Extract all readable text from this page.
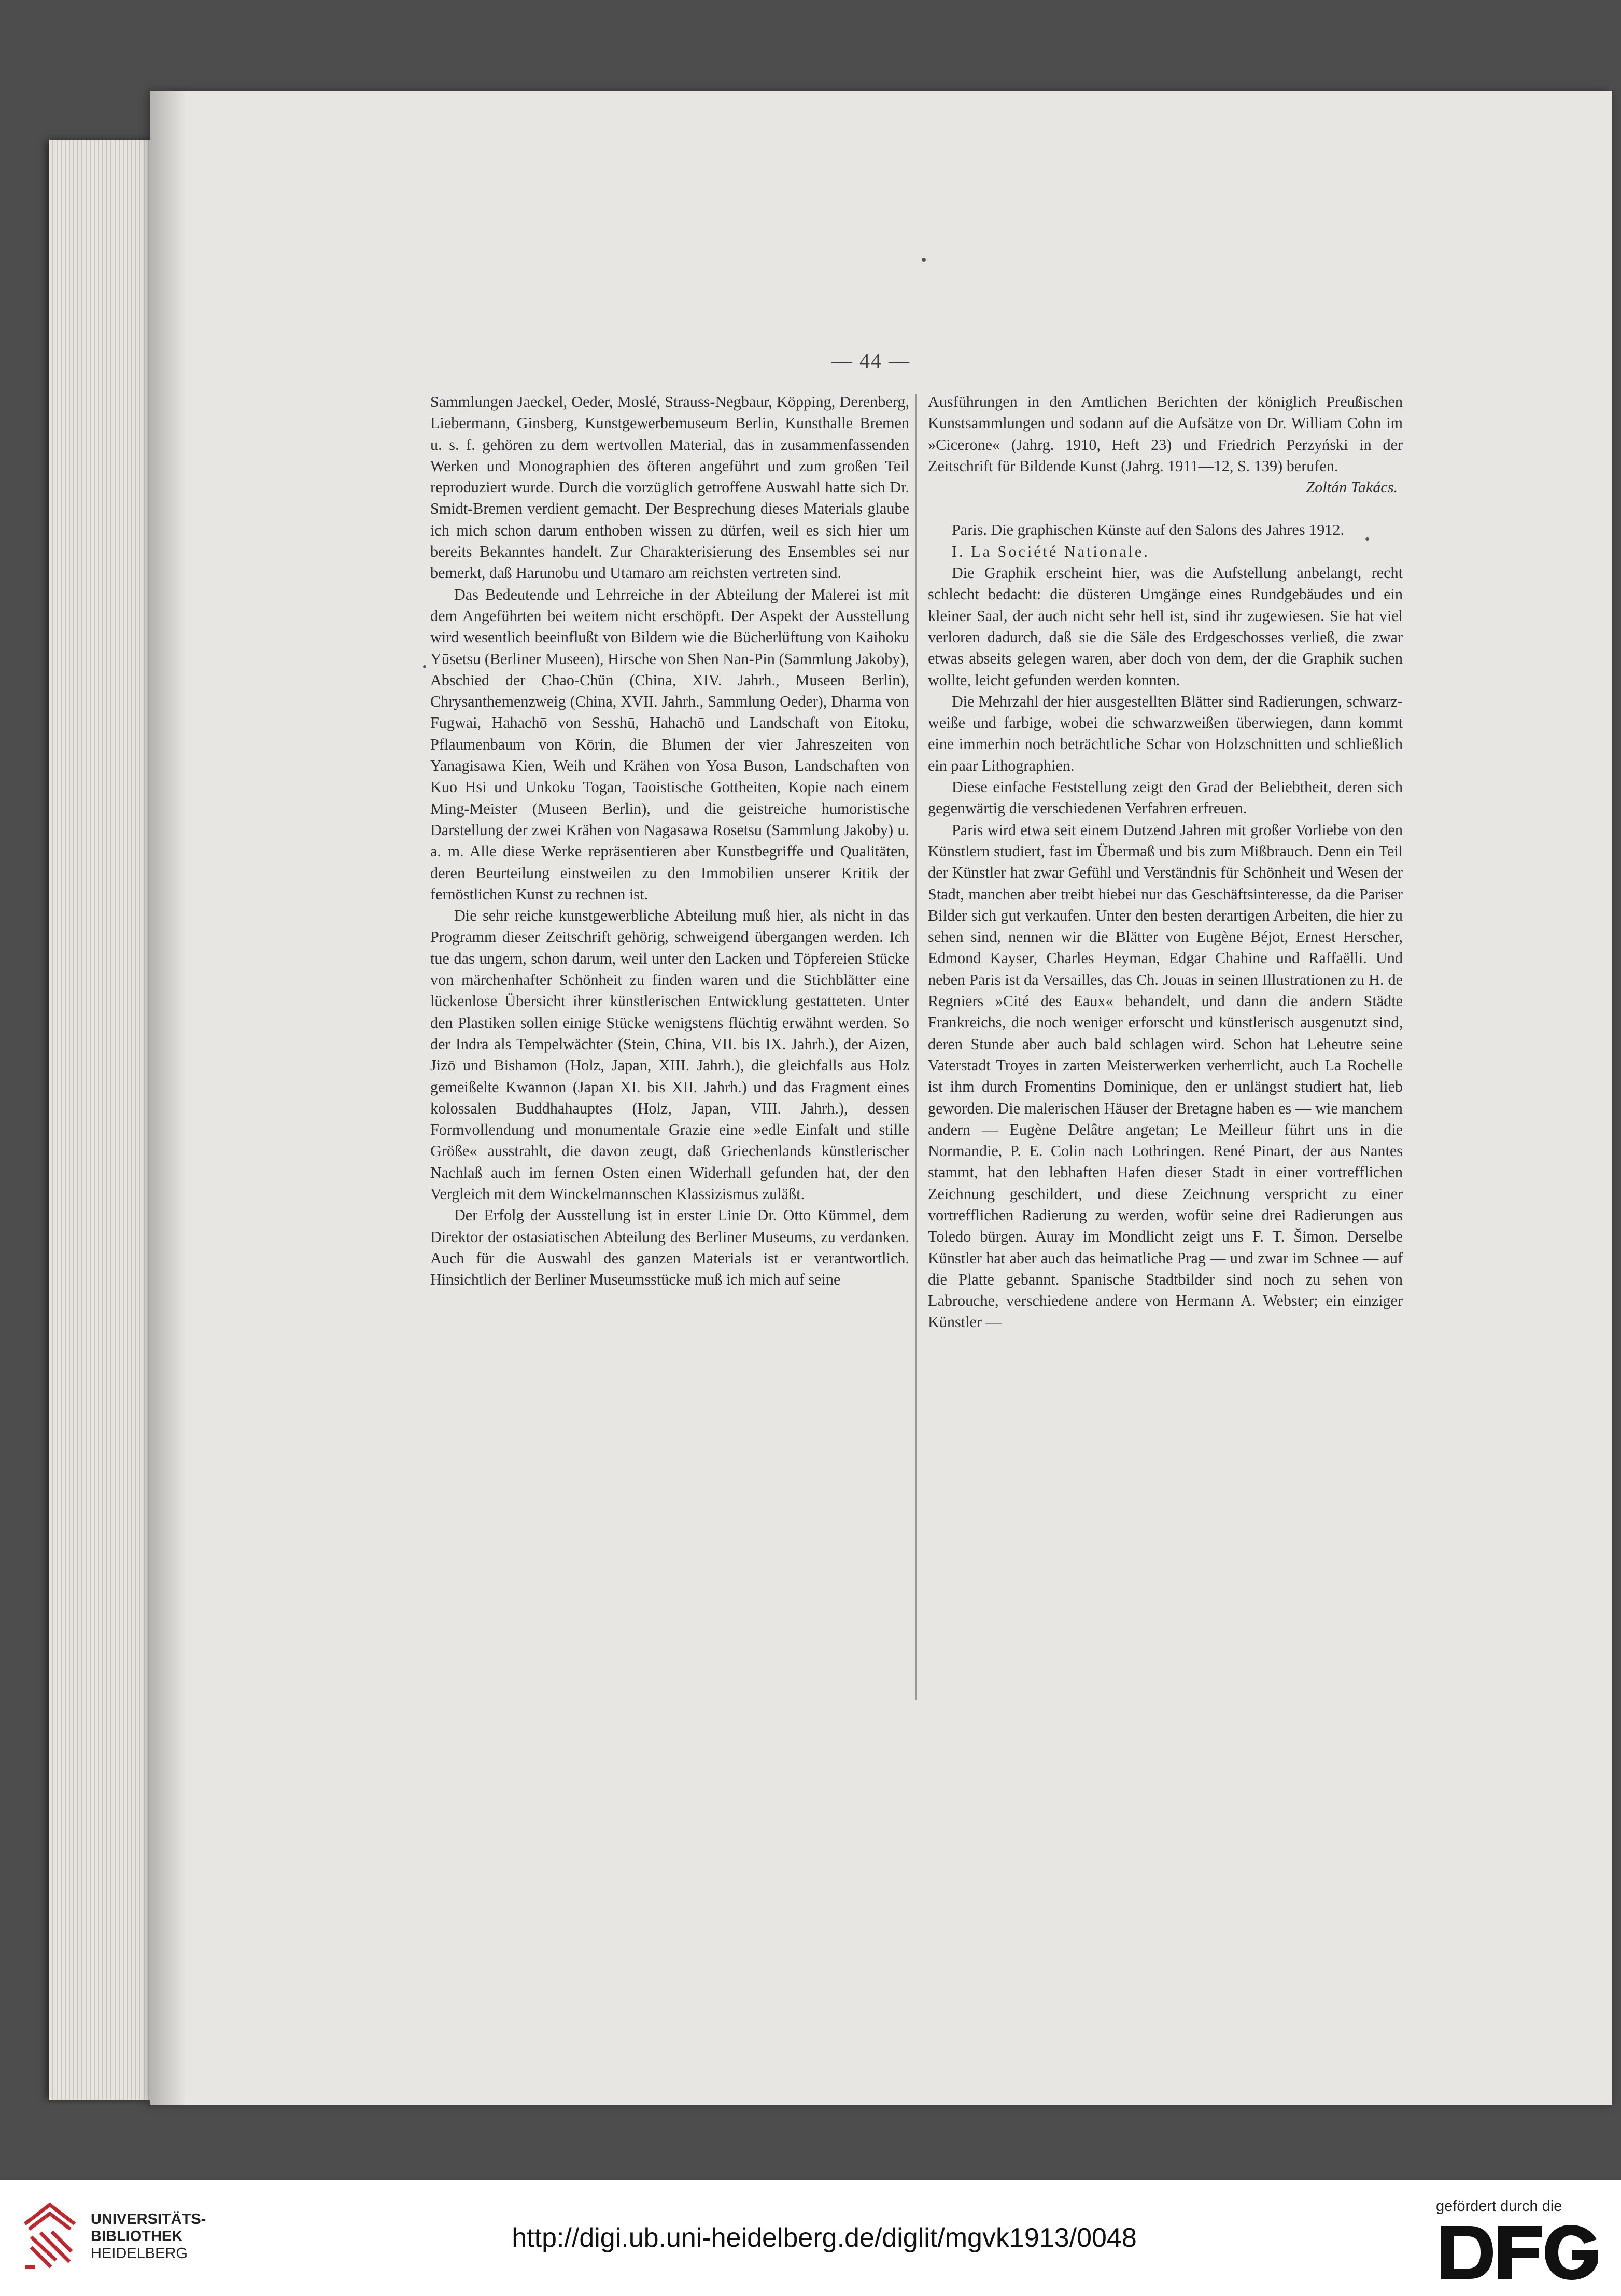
— 44 —

Sammlungen Jaeckel, Oeder, Moslé, Strauss-Negbaur, Köpping, Derenberg, Liebermann, Ginsberg, Kunstgewerbemuseum Berlin, Kunsthalle Bremen u. s. f. gehören zu dem wertvollen Material, das in zusammenfassenden Werken und Monographien des öfteren angeführt und zum großen Teil reproduziert wurde. Durch die vorzüglich getroffene Auswahl hatte sich Dr. Smidt-Bremen verdient gemacht. Der Besprechung dieses Materials glaube ich mich schon darum enthoben wissen zu dürfen, weil es sich hier um bereits Bekanntes handelt. Zur Charakterisierung des Ensembles sei nur bemerkt, daß Harunobu und Utamaro am reichsten vertreten sind.

Das Bedeutende und Lehrreiche in der Abteilung der Malerei ist mit dem Angeführten bei weitem nicht erschöpft. Der Aspekt der Ausstellung wird wesentlich beeinflußt von Bildern wie die Bücherlüftung von Kaihoku Yūsetsu (Berliner Museen), Hirsche von Shen Nan-Pin (Sammlung Jakoby), Abschied der Chao-Chün (China, XIV. Jahrh., Museen Berlin), Chrysanthemenzweig (China, XVII. Jahrh., Sammlung Oeder), Dharma von Fugwai, Hahachō von Sesshū, Hahachō und Landschaft von Eitoku, Pflaumenbaum von Kōrin, die Blumen der vier Jahreszeiten von Yanagisawa Kien, Weih und Krähen von Yosa Buson, Landschaften von Kuo Hsi und Unkoku Togan, Taoistische Gottheiten, Kopie nach einem Ming-Meister (Museen Berlin), und die geistreiche humoristische Darstellung der zwei Krähen von Nagasawa Rosetsu (Sammlung Jakoby) u. a. m. Alle diese Werke repräsentieren aber Kunstbegriffe und Qualitäten, deren Beurteilung einstweilen zu den Immobilien unserer Kritik der fernöstlichen Kunst zu rechnen ist.

Die sehr reiche kunstgewerbliche Abteilung muß hier, als nicht in das Programm dieser Zeitschrift gehörig, schweigend übergangen werden. Ich tue das ungern, schon darum, weil unter den Lacken und Töpfereien Stücke von märchenhafter Schönheit zu finden waren und die Stichblätter eine lückenlose Übersicht ihrer künstlerischen Entwicklung gestatteten. Unter den Plastiken sollen einige Stücke wenigstens flüchtig erwähnt werden. So der Indra als Tempelwächter (Stein, China, VII. bis IX. Jahrh.), der Aizen, Jizō und Bishamon (Holz, Japan, XIII. Jahrh.), die gleichfalls aus Holz gemeißelte Kwannon (Japan XI. bis XII. Jahrh.) und das Fragment eines kolossalen Buddhahauptes (Holz, Japan, VIII. Jahrh.), dessen Formvollendung und monumentale Grazie eine »edle Einfalt und stille Größe« ausstrahlt, die davon zeugt, daß Griechenlands künstlerischer Nachlaß auch im fernen Osten einen Widerhall gefunden hat, der den Vergleich mit dem Winckelmannschen Klassizismus zuläßt.

Der Erfolg der Ausstellung ist in erster Linie Dr. Otto Kümmel, dem Direktor der ostasiatischen Abteilung des Berliner Museums, zu verdanken. Auch für die Auswahl des ganzen Materials ist er verantwortlich. Hinsichtlich der Berliner Museumsstücke muß ich mich auf seine

Ausführungen in den Amtlichen Berichten der königlich Preußischen Kunstsammlungen und sodann auf die Aufsätze von Dr. William Cohn im »Cicerone« (Jahrg. 1910, Heft 23) und Friedrich Perzyński in der Zeitschrift für Bildende Kunst (Jahrg. 1911—12, S. 139) berufen.

Zoltán Takács.

Paris. Die graphischen Künste auf den Salons des Jahres 1912.

I. La Société Nationale.

Die Graphik erscheint hier, was die Aufstellung anbelangt, recht schlecht bedacht: die düsteren Umgänge eines Rundgebäudes und ein kleiner Saal, der auch nicht sehr hell ist, sind ihr zugewiesen. Sie hat viel verloren dadurch, daß sie die Säle des Erdgeschosses verließ, die zwar etwas abseits gelegen waren, aber doch von dem, der die Graphik suchen wollte, leicht gefunden werden konnten.

Die Mehrzahl der hier ausgestellten Blätter sind Radierungen, schwarz-weiße und farbige, wobei die schwarzweißen überwiegen, dann kommt eine immerhin noch beträchtliche Schar von Holzschnitten und schließlich ein paar Lithographien.

Diese einfache Feststellung zeigt den Grad der Beliebtheit, deren sich gegenwärtig die verschiedenen Verfahren erfreuen.

Paris wird etwa seit einem Dutzend Jahren mit großer Vorliebe von den Künstlern studiert, fast im Übermaß und bis zum Mißbrauch. Denn ein Teil der Künstler hat zwar Gefühl und Verständnis für Schönheit und Wesen der Stadt, manchen aber treibt hiebei nur das Geschäftsinteresse, da die Pariser Bilder sich gut verkaufen. Unter den besten derartigen Arbeiten, die hier zu sehen sind, nennen wir die Blätter von Eugène Béjot, Ernest Herscher, Edmond Kayser, Charles Heyman, Edgar Chahine und Raffaëlli. Und neben Paris ist da Versailles, das Ch. Jouas in seinen Illustrationen zu H. de Regniers »Cité des Eaux« behandelt, und dann die andern Städte Frankreichs, die noch weniger erforscht und künstlerisch ausgenutzt sind, deren Stunde aber auch bald schlagen wird. Schon hat Leheutre seine Vaterstadt Troyes in zarten Meisterwerken verherrlicht, auch La Rochelle ist ihm durch Fromentins Dominique, den er unlängst studiert hat, lieb geworden. Die malerischen Häuser der Bretagne haben es — wie manchem andern — Eugène Delâtre angetan; Le Meilleur führt uns in die Normandie, P. E. Colin nach Lothringen. René Pinart, der aus Nantes stammt, hat den lebhaften Hafen dieser Stadt in einer vortrefflichen Zeichnung geschildert, und diese Zeichnung verspricht zu einer vortrefflichen Radierung zu werden, wofür seine drei Radierungen aus Toledo bürgen. Auray im Mondlicht zeigt uns F. T. Šimon. Derselbe Künstler hat aber auch das heimatliche Prag — und zwar im Schnee — auf die Platte gebannt. Spanische Stadtbilder sind noch zu sehen von Labrouche, verschiedene andere von Hermann A. Webster; ein einziger Künstler —

UNIVERSITÄTS-
BIBLIOTHEK
HEIDELBERG
http://digi.ub.uni-heidelberg.de/diglit/mgvk1913/0048
gefördert durch die
